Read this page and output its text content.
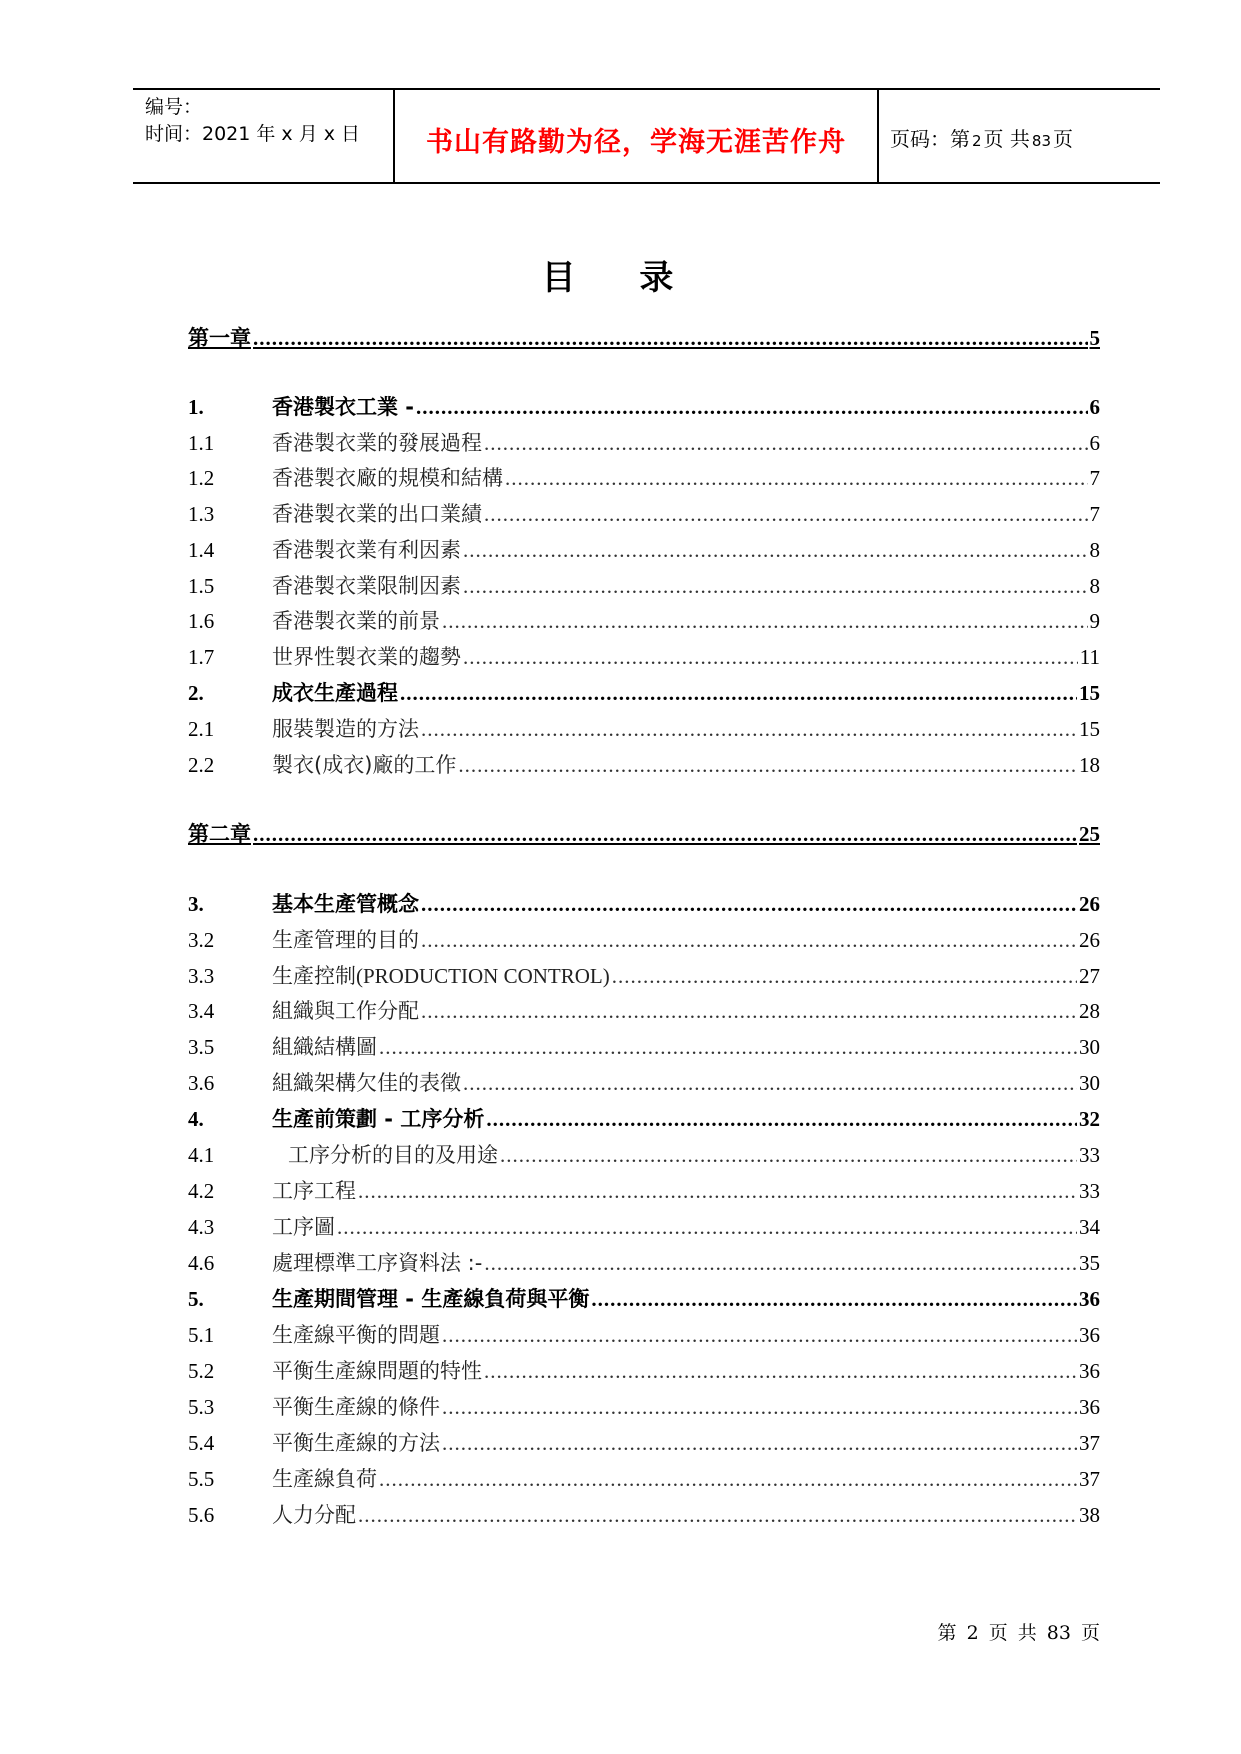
编号：
时间：2021 年 x 月 x 日	书山有路勤为径，学海无涯苦作舟	页码：第 2 页 共 83 页
目 录
第一章 .....	5
1.	香港製衣工業 - .....	6
1.1	香港製衣業的發展過程 .....	6
1.2	香港製衣廠的規模和結構 .....	7
1.3	香港製衣業的出口業績 .....	7
1.4	香港製衣業有利因素 .....	8
1.5	香港製衣業限制因素 .....	8
1.6	香港製衣業的前景 .....	9
1.7	世界性製衣業的趨勢 .....	11
2.	成衣生產過程 .....	15
2.1	服裝製造的方法 .....	15
2.2	製衣(成衣)廠的工作 .....	18
第二章 .....	25
3.	基本生產管概念 .....	26
3.2	生產管理的目的 .....	26
3.3	生產控制(PRODUCTION CONTROL) .....	27
3.4	組織與工作分配 .....	28
3.5	組織結構圖 .....	30
3.6	組織架構欠佳的表徵 .....	30
4.	生產前策劃 - 工序分析 .....	32
4.1	工序分析的目的及用途 .....	33
4.2	工序工程 .....	33
4.3	工序圖 .....	34
4.6	處理標準工序資料法 :- .....	35
5.	生產期間管理 - 生產線負荷與平衡 .....	36
5.1	生產線平衡的問題 .....	36
5.2	平衡生產線問題的特性 .....	36
5.3	平衡生產線的條件 .....	36
5.4	平衡生產線的方法 .....	37
5.5	生產線負荷 .....	37
5.6	人力分配 .....	38
第 2 页 共 83 页
